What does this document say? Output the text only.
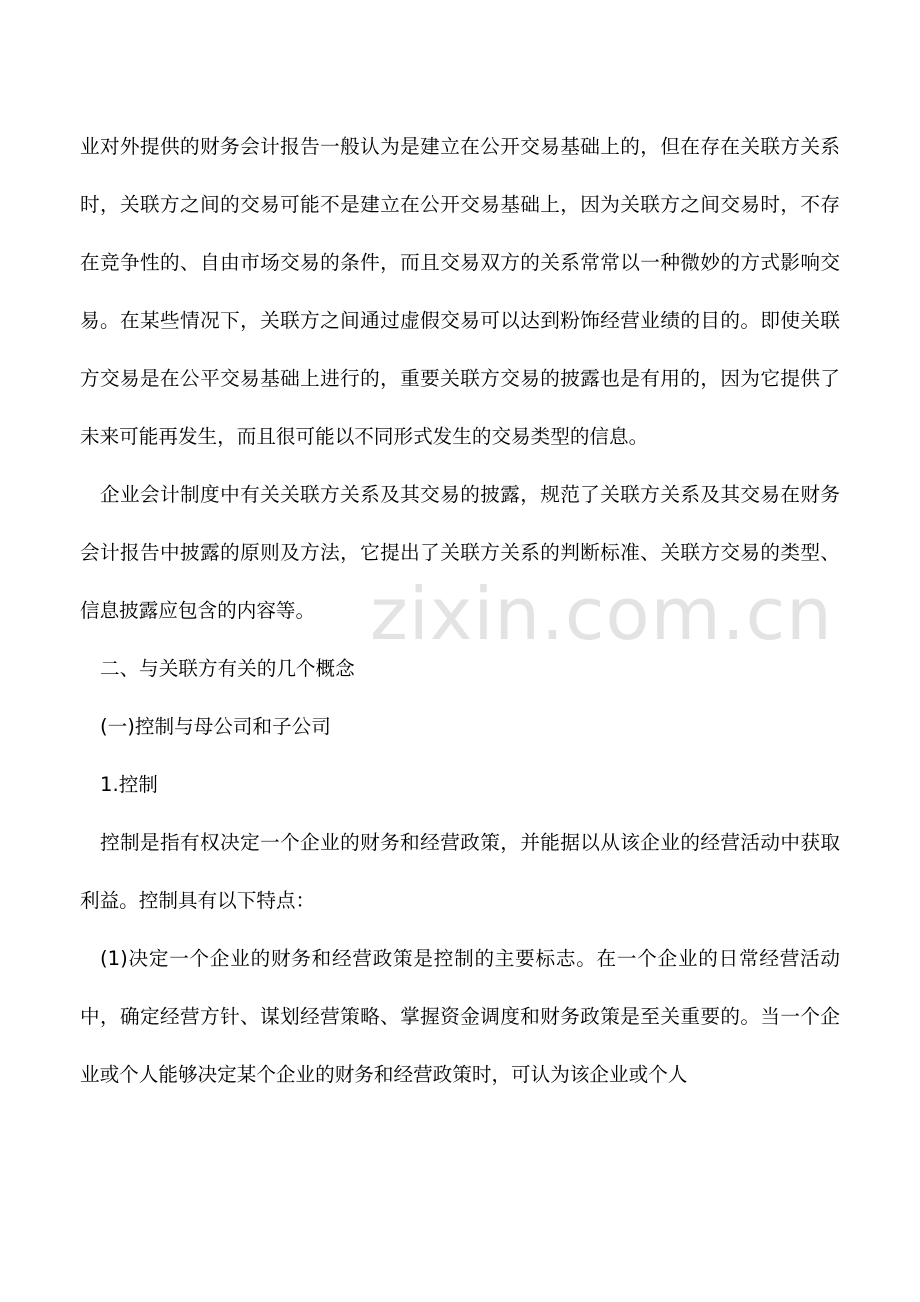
zixin.com.cn

业对外提供的财务会计报告一般认为是建立在公开交易基础上的，但在存在关联方关系时，关联方之间的交易可能不是建立在公开交易基础上，因为关联方之间交易时，不存在竞争性的、自由市场交易的条件，而且交易双方的关系常常以一种微妙的方式影响交易。在某些情况下，关联方之间通过虚假交易可以达到粉饰经营业绩的目的。即使关联方交易是在公平交易基础上进行的，重要关联方交易的披露也是有用的，因为它提供了未来可能再发生，而且很可能以不同形式发生的交易类型的信息。

企业会计制度中有关关联方关系及其交易的披露，规范了关联方关系及其交易在财务会计报告中披露的原则及方法，它提出了关联方关系的判断标准、关联方交易的类型、信息披露应包含的内容等。

二、与关联方有关的几个概念

(一)控制与母公司和子公司

1.控制

控制是指有权决定一个企业的财务和经营政策，并能据以从该企业的经营活动中获取利益。控制具有以下特点：

(1)决定一个企业的财务和经营政策是控制的主要标志。在一个企业的日常经营活动中，确定经营方针、谋划经营策略、掌握资金调度和财务政策是至关重要的。当一个企业或个人能够决定某个企业的财务和经营政策时，可认为该企业或个人
